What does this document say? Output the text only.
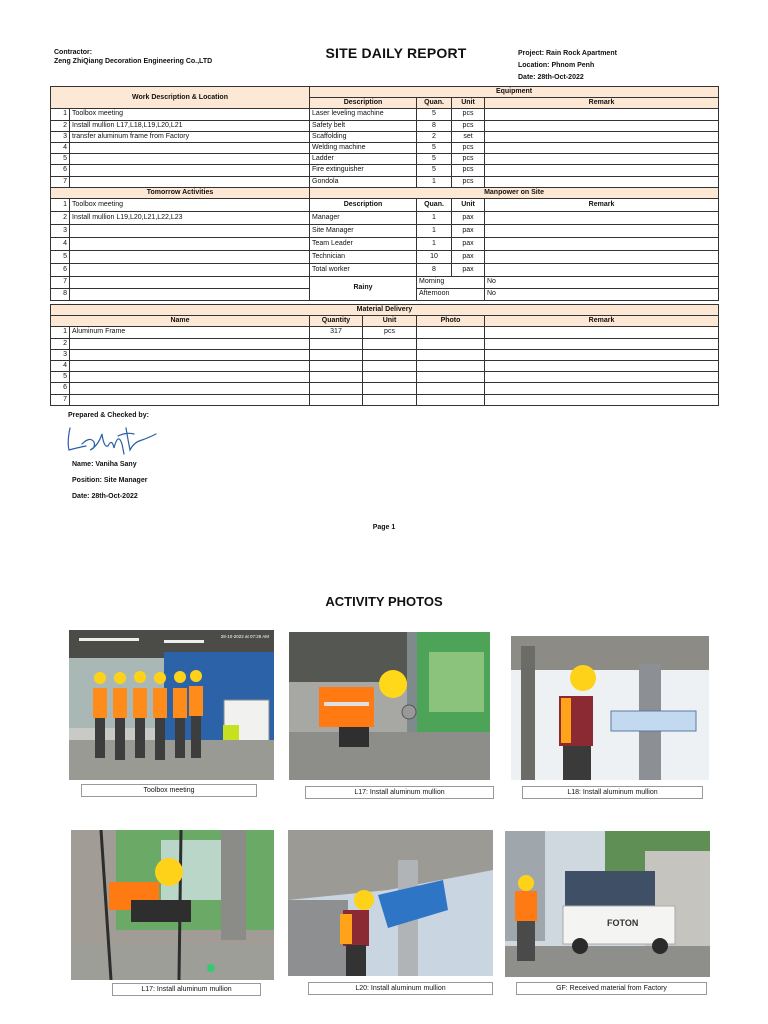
Contractor:
Zeng ZhiQiang Decoration Engineering Co.,LTD
SITE DAILY REPORT	Project: Rain Rock Apartment
Location: Phnom Penh
Date: 28th-Oct-2022
Work Description & Location		Equipment			
		Description	Quan.	Unit	Remark
1	Toolbox meeting	Laser leveling machine	5	pcs	
2	Install mullion L17,L18,L19,L20,L21	Safety belt	8	pcs	
3	transfer aluminum frame from Factory	Scaffolding	2	set	
4		Welding machine	5	pcs	
5		Ladder	5	pcs	
6		Fire extinguisher	5	pcs	
7		Gondola	1	pcs	
Tomorrow Activities		Manpower on Site			
1	Toolbox meeting	Description	Quan.	Unit	Remark
2	Install mullion L19,L20,L21,L22,L23	Manager	1	pax	
3		Site Manager	1	pax	
4		Team Leader	1	pax	
5		Technician	10	pax	
6		Total worker	8	pax	
7		Rainy	Morning		No
8			Afternoon		No
Material Delivery					
Name		Quantity	Unit	Photo	Remark
1	Aluminum Frame	317	pcs		
2					
3					
4					
5					
6					
7					
Prepared & Checked by:
Name: Vaniha Sany
Position: Site Manager
Date: 28th-Oct-2022
Page 1
ACTIVITY PHOTOS
28-10-2022 at 07:26 AM
Toolbox meeting	L17: Install aluminum mullion	L18: Install aluminum mullion
L17: Install aluminum mullion	L20: Install aluminum mullion
FOTON
GF: Received material from Factory
